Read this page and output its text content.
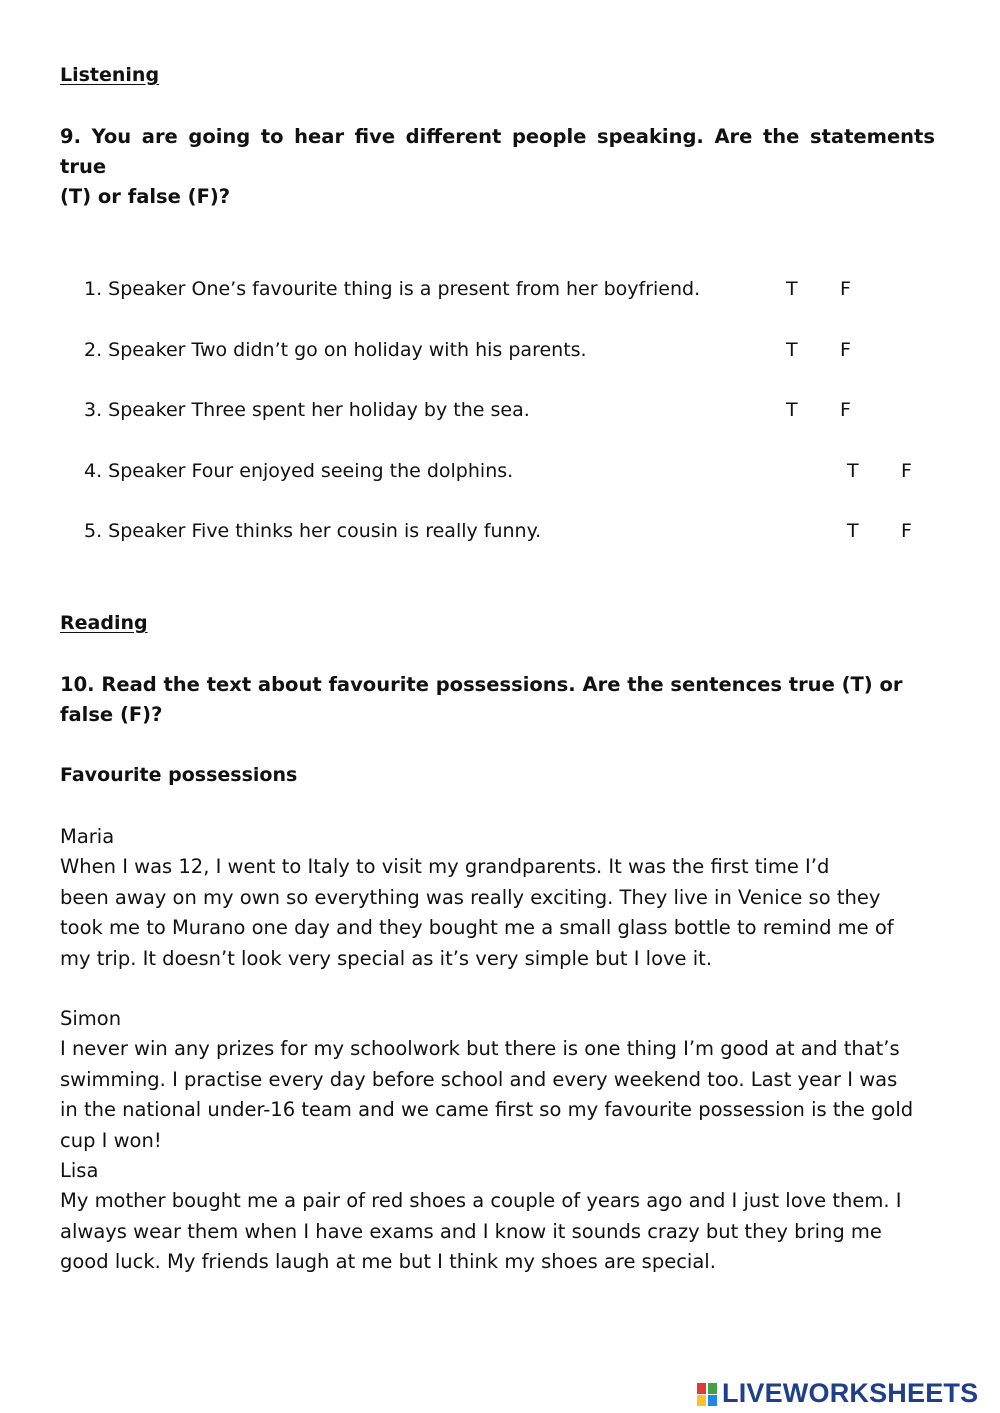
Listening
9. You are going to hear five different people speaking. Are the statements true
(T) or false (F)?
1. Speaker One’s favourite thing is a present from her boyfriend.	T F
2. Speaker Two didn’t go on holiday with his parents.	T F
3. Speaker Three spent her holiday by the sea.	T F
4. Speaker Four enjoyed seeing the dolphins.	T F
5. Speaker Five thinks her cousin is really funny.	T F
Reading
10. Read the text about favourite possessions. Are the sentences true (T) or
false (F)?
Favourite possessions
Maria
When I was 12, I went to Italy to visit my grandparents. It was the first time I’d
been away on my own so everything was really exciting. They live in Venice so they
took me to Murano one day and they bought me a small glass bottle to remind me of
my trip. It doesn’t look very special as it’s very simple but I love it.
Simon
I never win any prizes for my schoolwork but there is one thing I’m good at and that’s
swimming. I practise every day before school and every weekend too. Last year I was
in the national under-16 team and we came first so my favourite possession is the gold
cup I won!
Lisa
My mother bought me a pair of red shoes a couple of years ago and I just love them. I
always wear them when I have exams and I know it sounds crazy but they bring me
good luck. My friends laugh at me but I think my shoes are special.
LIVEWORKSHEETS
